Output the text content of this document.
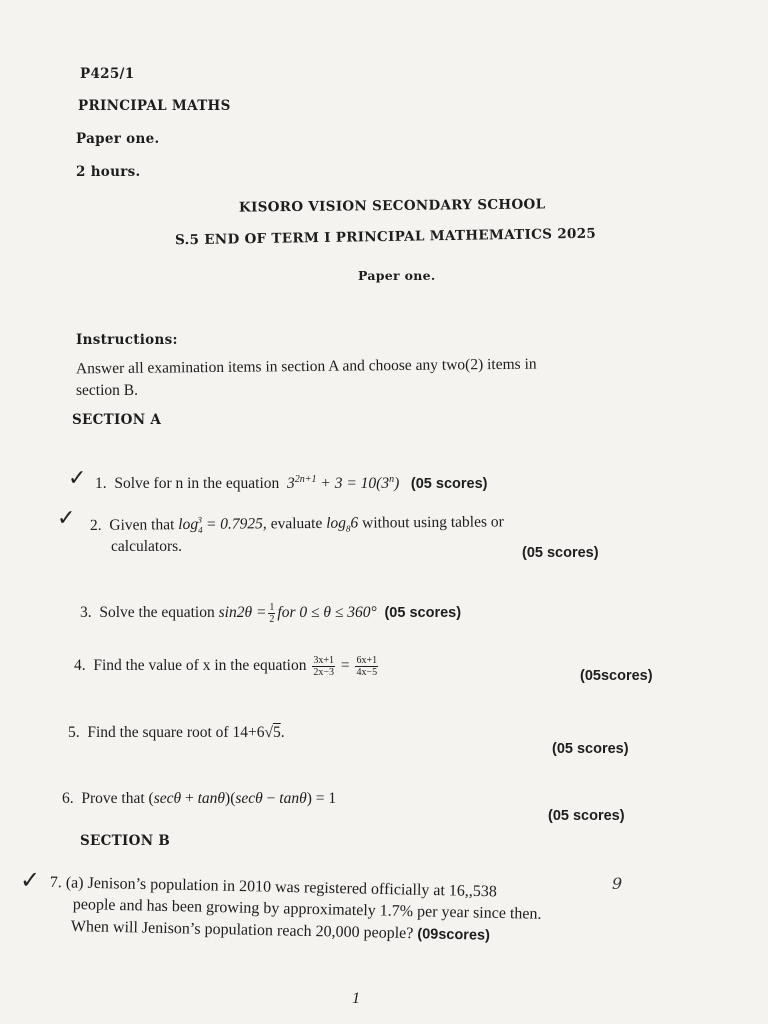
P425/1
PRINCIPAL MATHS
Paper one.
2 hours.
KISORO VISION SECONDARY SCHOOL
S.5 END OF TERM I PRINCIPAL MATHEMATICS 2025
Paper one.
Instructions:
Answer all examination items in section A and choose any two(2) items in
section B.
SECTION A
✓ 1. Solve for n in the equation $3^{2n+1} + 3 = 10(3^n)$ (05 scores)
✓ 2. Given that $\log_4^3 = 0.7925$, evaluate $\log_86$ without using tables or
calculators.	(05 scores)
3. Solve the equation $\sin 2\theta = \frac{1}{2}$ for 0 ≤ θ ≤ 360° (05 scores)
4. Find the value of x in the equation $\frac{3x+1}{2x-3} = \frac{6x+1}{4x-5}$	(05scores)
5. Find the square root of 14+6√5.
(05 scores)
6. Prove that (secθ + tanθ)(secθ − tanθ) = 1
(05 scores)
SECTION B
✓	9
7. (a) Jenison’s population in 2010 was registered officially at 16,,538
people and has been growing by approximately 1.7% per year since then.
When will Jenison’s population reach 20,000 people? (09scores)
1
